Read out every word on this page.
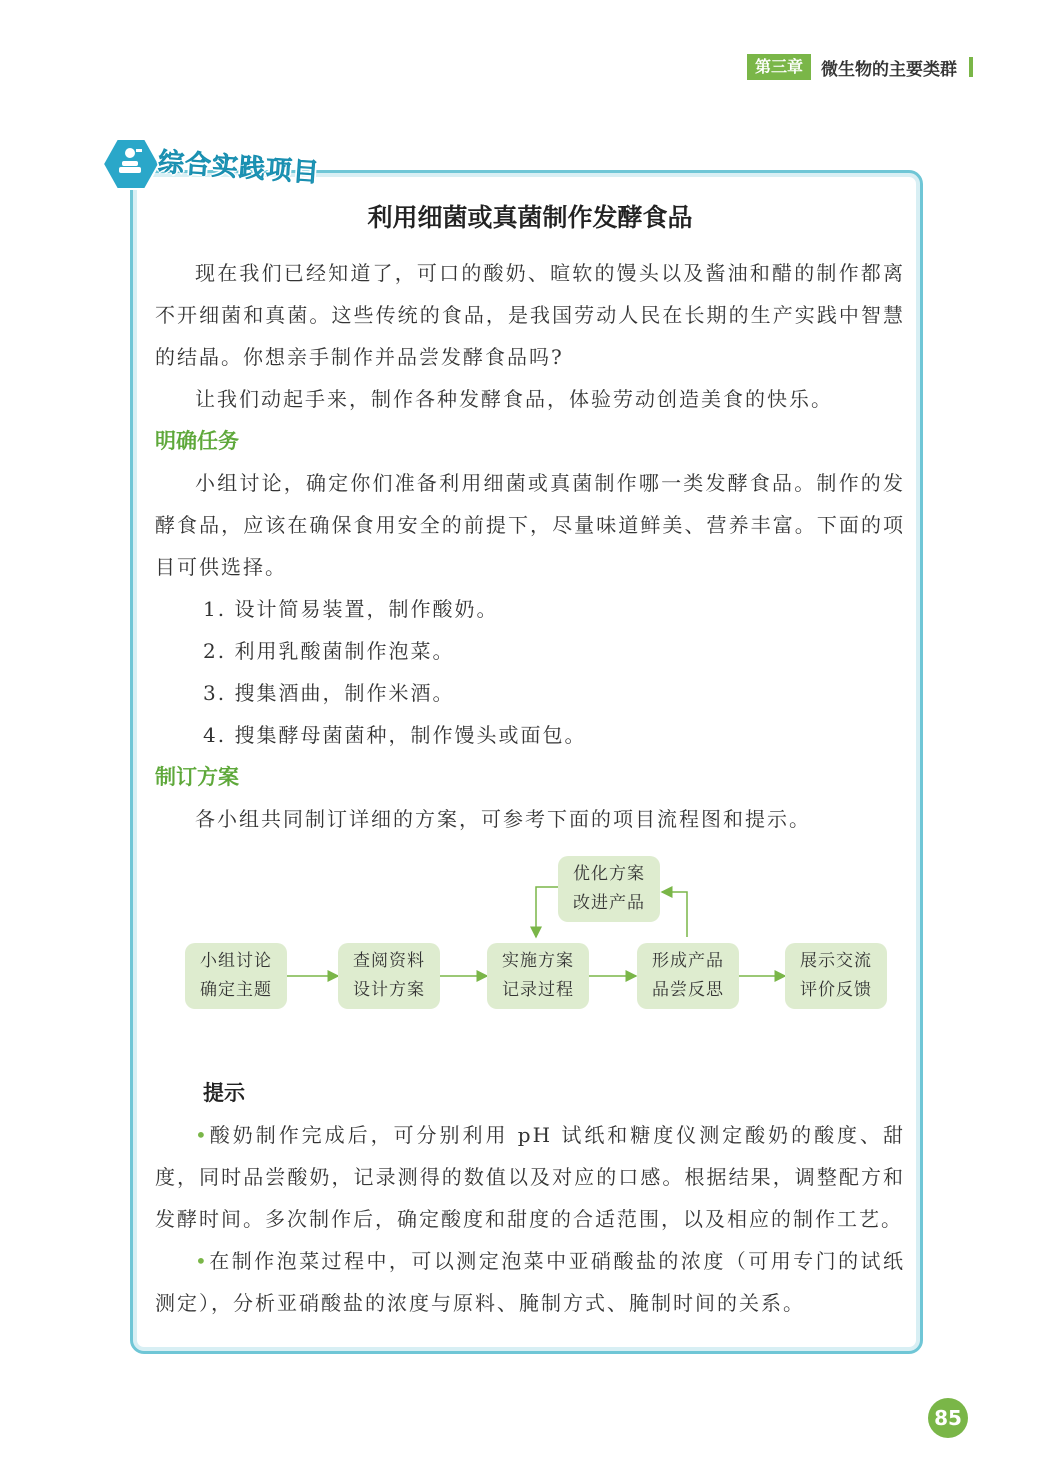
第三章	微生物的主要类群
综合实践项目
利用细菌或真菌制作发酵食品

现在我们已经知道了，可口的酸奶、暄软的馒头以及酱油和醋的制作都离不开细菌和真菌。这些传统的食品，是我国劳动人民在长期的生产实践中智慧的结晶。你想亲手制作并品尝发酵食品吗?

让我们动起手来，制作各种发酵食品，体验劳动创造美食的快乐。

明确任务

小组讨论，确定你们准备利用细菌或真菌制作哪一类发酵食品。制作的发酵食品，应该在确保食用安全的前提下，尽量味道鲜美、营养丰富。下面的项目可供选择。

1. 设计简易装置，制作酸奶。

2. 利用乳酸菌制作泡菜。

3. 搜集酒曲，制作米酒。

4. 搜集酵母菌菌种，制作馒头或面包。

制订方案

各小组共同制订详细的方案，可参考下面的项目流程图和提示。

优化方案
改进产品
小组讨论
确定主题
查阅资料
设计方案
实施方案
记录过程
形成产品
品尝反思
展示交流
评价反馈
提示

•酸奶制作完成后，可分别利用 pH 试纸和糖度仪测定酸奶的酸度、甜度，同时品尝酸奶，记录测得的数值以及对应的口感。根据结果，调整配方和发酵时间。多次制作后，确定酸度和甜度的合适范围，以及相应的制作工艺。

•在制作泡菜过程中，可以测定泡菜中亚硝酸盐的浓度（可用专门的试纸测定），分析亚硝酸盐的浓度与原料、腌制方式、腌制时间的关系。

85
